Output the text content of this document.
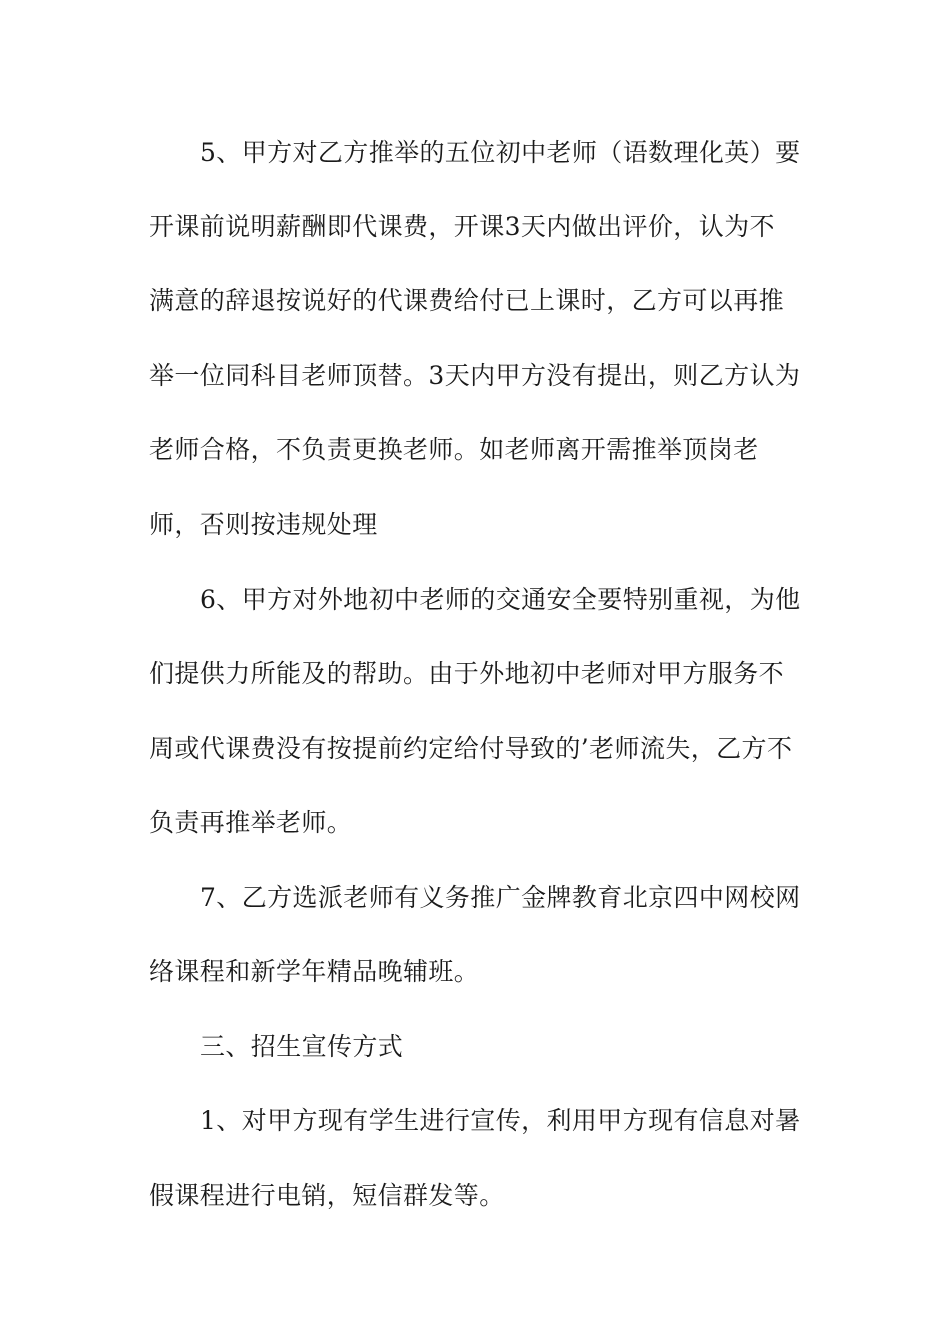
5、甲方对乙方推举的五位初中老师（语数理化英）要
开课前说明薪酬即代课费，开课3天内做出评价，认为不
满意的辞退按说好的代课费给付已上课时，乙方可以再推
举一位同科目老师顶替。3天内甲方没有提出，则乙方认为
老师合格，不负责更换老师。如老师离开需推举顶岗老
师，否则按违规处理
6、甲方对外地初中老师的交通安全要特别重视，为他
们提供力所能及的帮助。由于外地初中老师对甲方服务不
周或代课费没有按提前约定给付导致的’老师流失，乙方不
负责再推举老师。
7、乙方选派老师有义务推广金牌教育北京四中网校网
络课程和新学年精品晚辅班。
三、招生宣传方式
1、对甲方现有学生进行宣传，利用甲方现有信息对暑
假课程进行电销，短信群发等。
